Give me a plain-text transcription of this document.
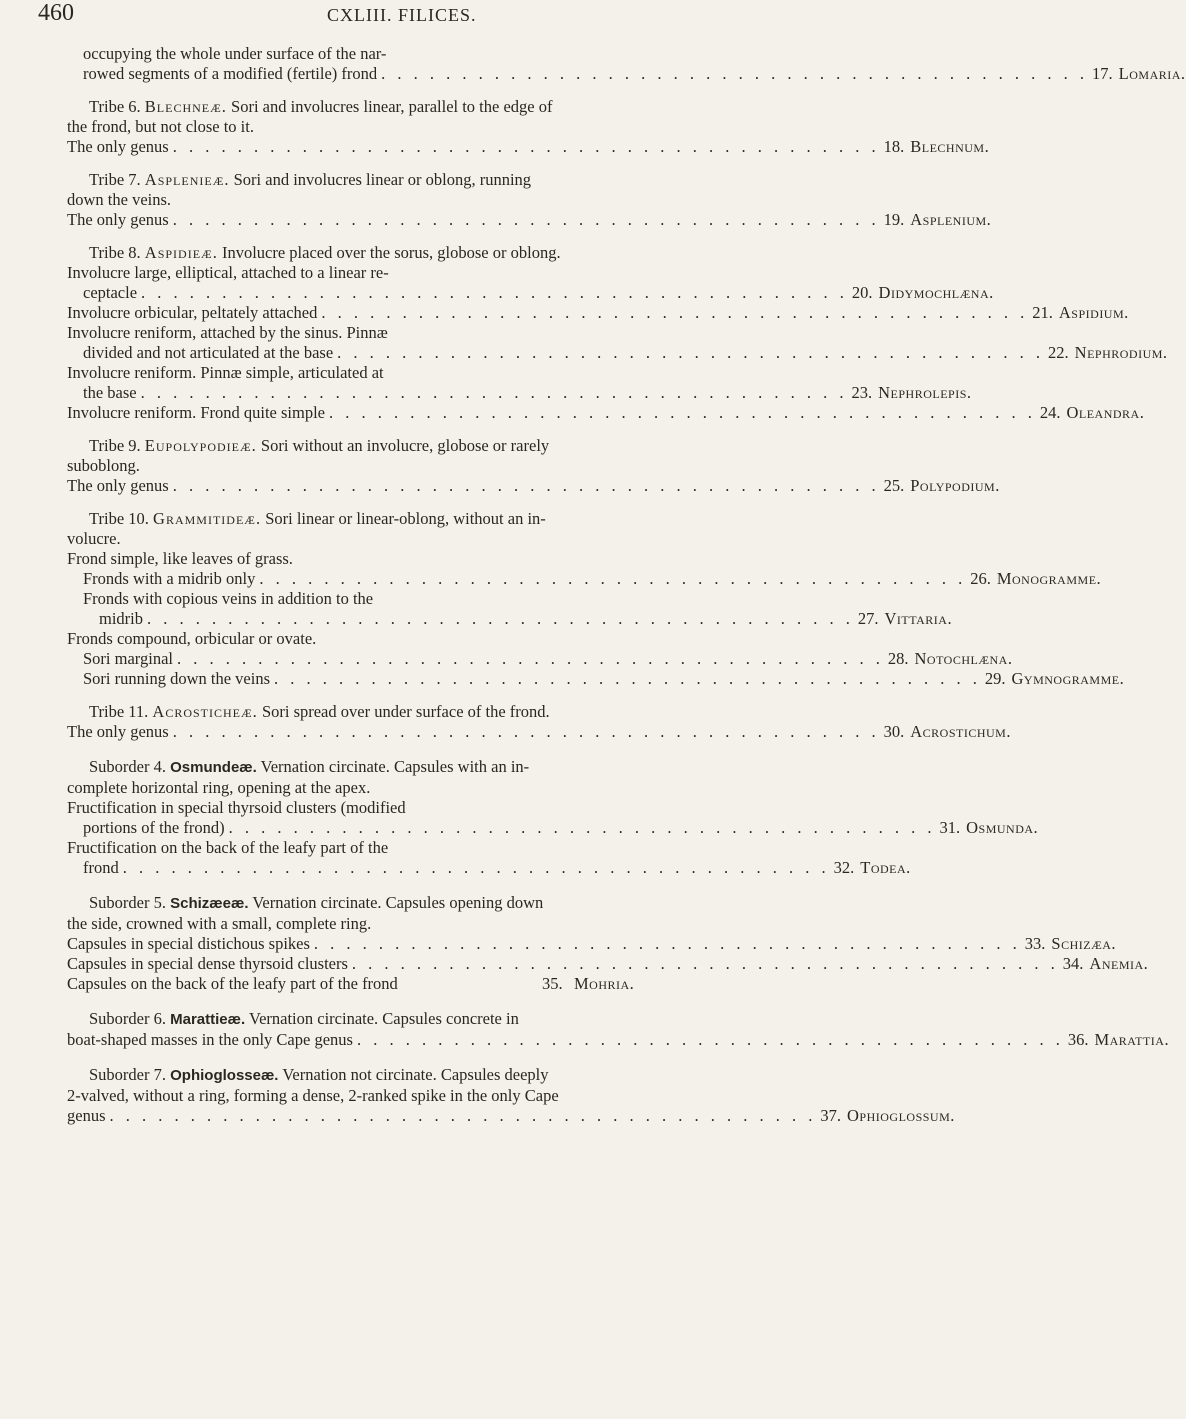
460	CXLIII. FILICES.
occupying the whole under surface of the nar-
rowed segments of a modified (fertile) frond . . . . . . . . . . . . . . . . . . . . . . . . . . . . . . . . . . . . . . . . . . . . 17. Lomaria.
Tribe 6. Blechneæ. Sori and involucres linear, parallel to the edge of
the frond, but not close to it.
The only genus . . . . . . . . . . . . . . . . . . . . . . . . . . . . . . . . . . . . . . . . . . . . 18. Blechnum.
Tribe 7. Asplenieæ. Sori and involucres linear or oblong, running
down the veins.
The only genus . . . . . . . . . . . . . . . . . . . . . . . . . . . . . . . . . . . . . . . . . . . . 19. Asplenium.
Tribe 8. Aspidieæ. Involucre placed over the sorus, globose or oblong.
Involucre large, elliptical, attached to a linear re-
ceptacle . . . . . . . . . . . . . . . . . . . . . . . . . . . . . . . . . . . . . . . . . . . . 20. Didymochlæna.
Involucre orbicular, peltately attached . . . . . . . . . . . . . . . . . . . . . . . . . . . . . . . . . . . . . . . . . . . . 21. Aspidium.
Involucre reniform, attached by the sinus. Pinnæ
divided and not articulated at the base . . . . . . . . . . . . . . . . . . . . . . . . . . . . . . . . . . . . . . . . . . . . 22. Nephrodium.
Involucre reniform. Pinnæ simple, articulated at
the base . . . . . . . . . . . . . . . . . . . . . . . . . . . . . . . . . . . . . . . . . . . . 23. Nephrolepis.
Involucre reniform. Frond quite simple . . . . . . . . . . . . . . . . . . . . . . . . . . . . . . . . . . . . . . . . . . . . 24. Oleandra.
Tribe 9. Eupolypodieæ. Sori without an involucre, globose or rarely
suboblong.
The only genus . . . . . . . . . . . . . . . . . . . . . . . . . . . . . . . . . . . . . . . . . . . . 25. Polypodium.
Tribe 10. Grammitideæ. Sori linear or linear-oblong, without an in-
volucre.
Frond simple, like leaves of grass.
Fronds with a midrib only . . . . . . . . . . . . . . . . . . . . . . . . . . . . . . . . . . . . . . . . . . . . 26. Monogramme.
Fronds with copious veins in addition to the
midrib . . . . . . . . . . . . . . . . . . . . . . . . . . . . . . . . . . . . . . . . . . . . 27. Vittaria.
Fronds compound, orbicular or ovate.
Sori marginal . . . . . . . . . . . . . . . . . . . . . . . . . . . . . . . . . . . . . . . . . . . . 28. Notochlæna.
Sori running down the veins . . . . . . . . . . . . . . . . . . . . . . . . . . . . . . . . . . . . . . . . . . . . 29. Gymnogramme.
Tribe 11. Acrosticheæ. Sori spread over under surface of the frond.
The only genus . . . . . . . . . . . . . . . . . . . . . . . . . . . . . . . . . . . . . . . . . . . . 30. Acrostichum.
Suborder 4. Osmundeæ. Vernation circinate. Capsules with an in-
complete horizontal ring, opening at the apex.
Fructification in special thyrsoid clusters (modified
portions of the frond) . . . . . . . . . . . . . . . . . . . . . . . . . . . . . . . . . . . . . . . . . . . . 31. Osmunda.
Fructification on the back of the leafy part of the
frond . . . . . . . . . . . . . . . . . . . . . . . . . . . . . . . . . . . . . . . . . . . . 32. Todea.
Suborder 5. Schizæeæ. Vernation circinate. Capsules opening down
the side, crowned with a small, complete ring.
Capsules in special distichous spikes . . . . . . . . . . . . . . . . . . . . . . . . . . . . . . . . . . . . . . . . . . . . 33. Schizæa.
Capsules in special dense thyrsoid clusters . . . . . . . . . . . . . . . . . . . . . . . . . . . . . . . . . . . . . . . . . . . . 34. Anemia.
Capsules on the back of the leafy part of the frond	35. Mohria.
Suborder 6. Marattieæ. Vernation circinate. Capsules concrete in
boat-shaped masses in the only Cape genus . . . . . . . . . . . . . . . . . . . . . . . . . . . . . . . . . . . . . . . . . . . . 36. Marattia.
Suborder 7. Ophioglosseæ. Vernation not circinate. Capsules deeply
2-valved, without a ring, forming a dense, 2-ranked spike in the only Cape
genus . . . . . . . . . . . . . . . . . . . . . . . . . . . . . . . . . . . . . . . . . . . . 37. Ophioglossum.
